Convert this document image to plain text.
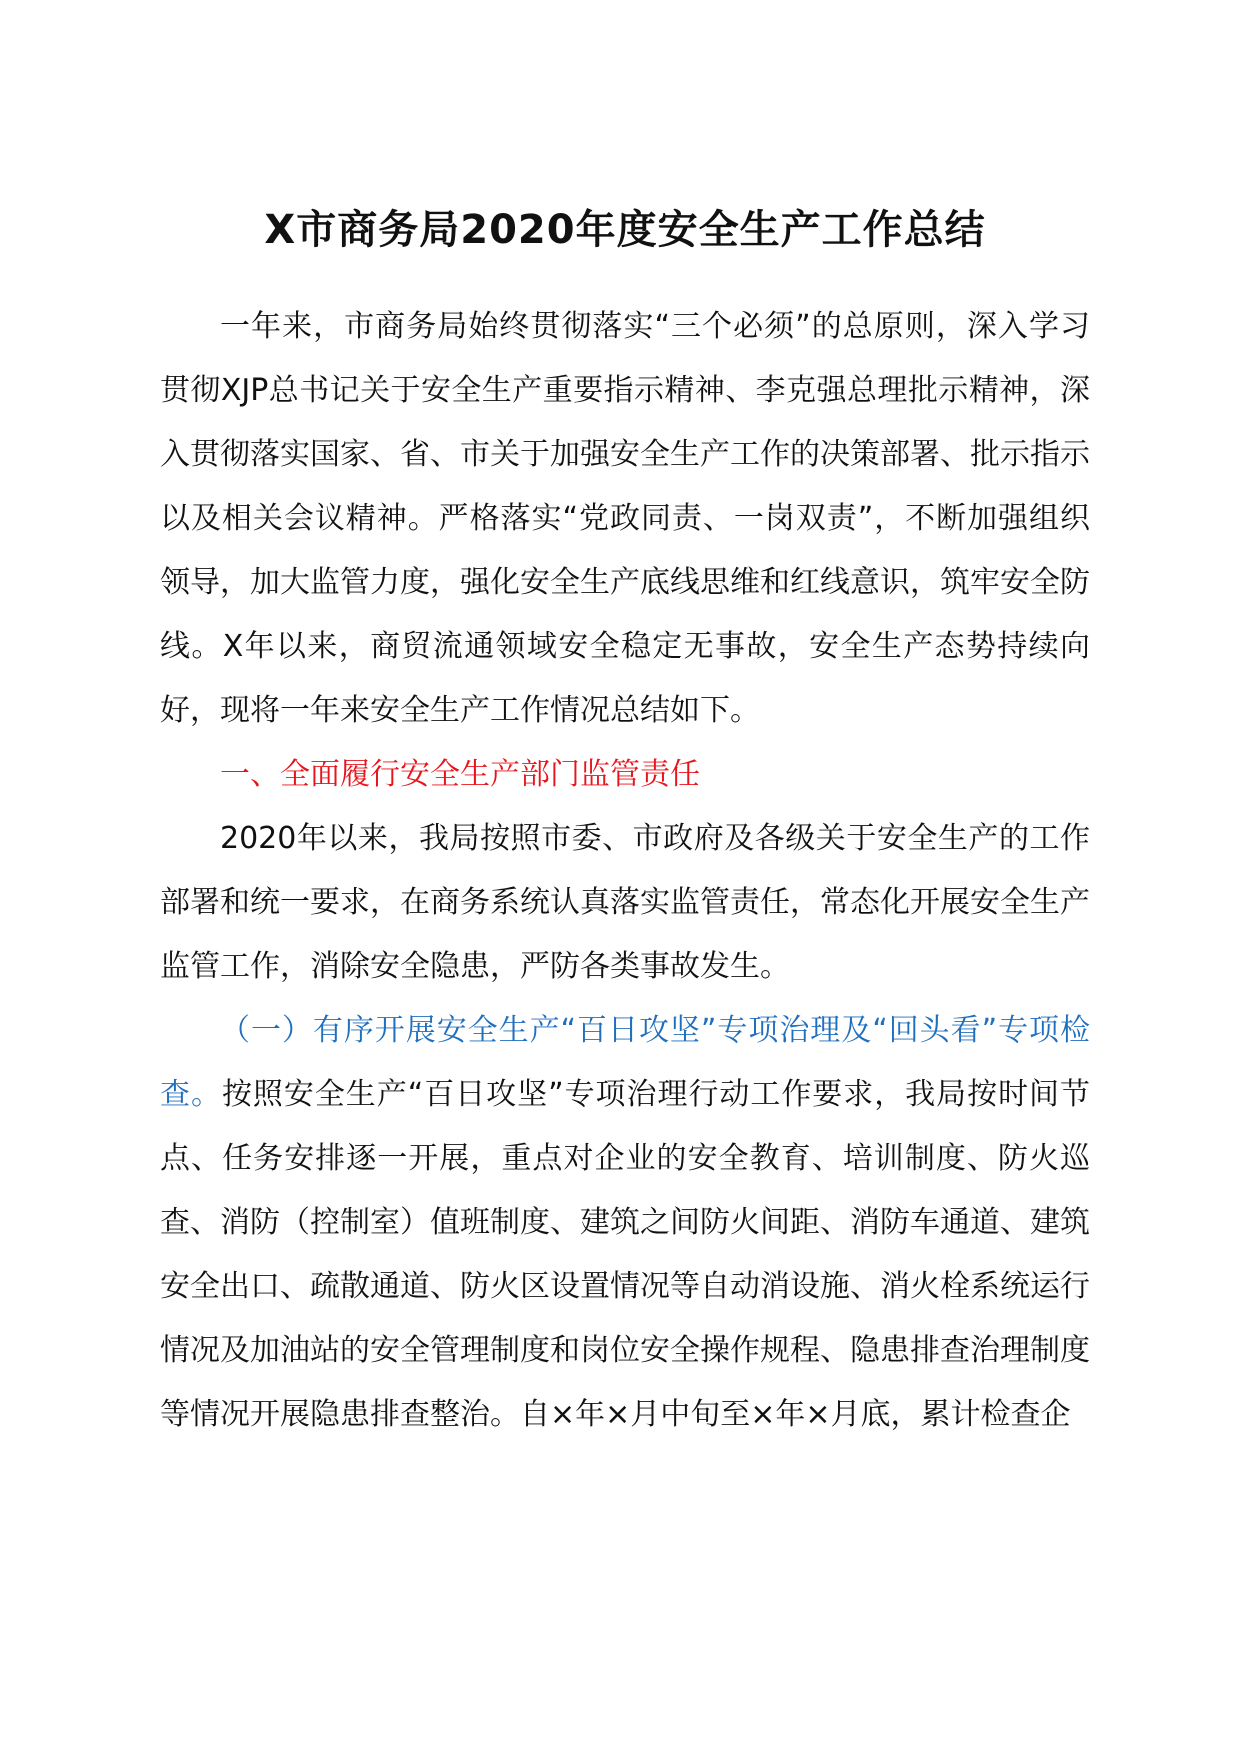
X市商务局2020年度安全生产工作总结

一年来，市商务局始终贯彻落实“三个必须”的总原则，深入学习贯彻XJP总书记关于安全生产重要指示精神、李克强总理批示精神，深入贯彻落实国家、省、市关于加强安全生产工作的决策部署、批示指示以及相关会议精神。严格落实“党政同责、一岗双责”，不断加强组织领导，加大监管力度，强化安全生产底线思维和红线意识，筑牢安全防线。X年以来，商贸流通领域安全稳定无事故，安全生产态势持续向好，现将一年来安全生产工作情况总结如下。

一、全面履行安全生产部门监管责任

2020年以来，我局按照市委、市政府及各级关于安全生产的工作部署和统一要求，在商务系统认真落实监管责任，常态化开展安全生产监管工作，消除安全隐患，严防各类事故发生。

（一）有序开展安全生产“百日攻坚”专项治理及“回头看”专项检查。按照安全生产“百日攻坚”专项治理行动工作要求，我局按时间节点、任务安排逐一开展，重点对企业的安全教育、培训制度、防火巡查、消防（控制室）值班制度、建筑之间防火间距、消防车通道、建筑安全出口、疏散通道、防火区设置情况等自动消设施、消火栓系统运行情况及加油站的安全管理制度和岗位安全操作规程、隐患排查治理制度等情况开展隐患排查整治。自×年×月中旬至×年×月底，累计检查企
